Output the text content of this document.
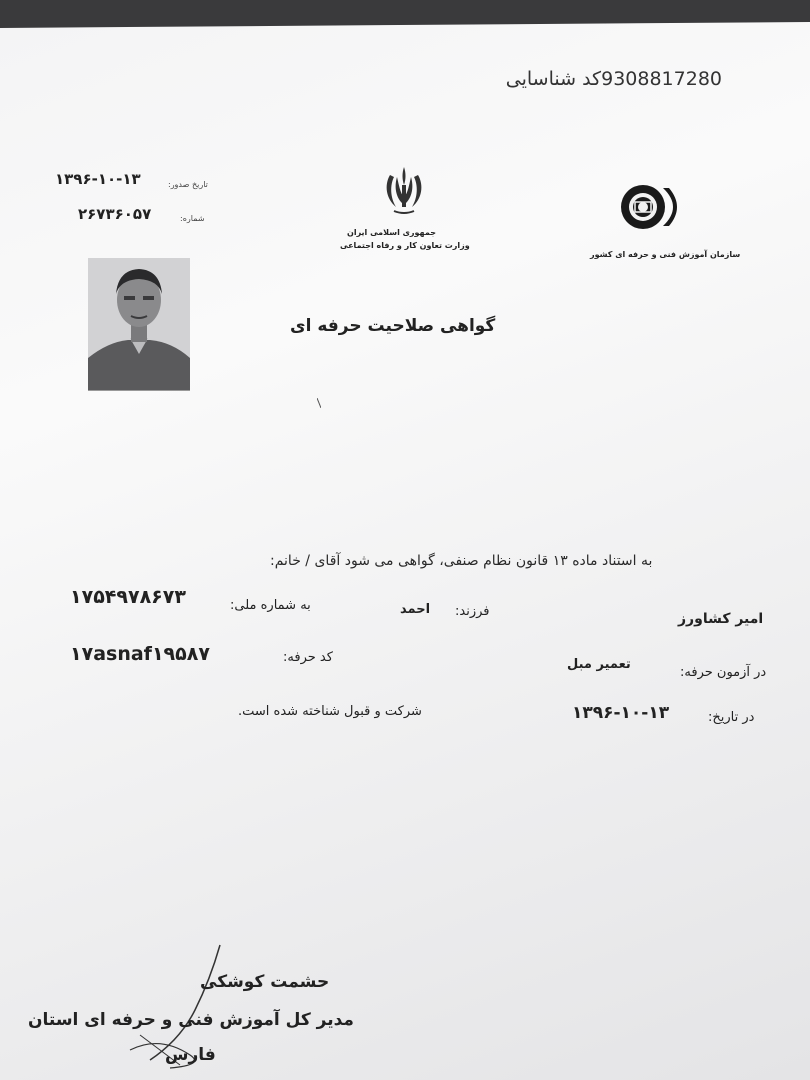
9308817280کد شناسایی
۱۳۹۶-۱۰-۱۳	تاریخ صدور:
۲۶۷۳۶۰۵۷	شماره:
جمهوری اسلامی ایران
وزارت تعاون کار و رفاه اجتماعی
سازمان آموزش فنی و حرفه ای کشور
گواهی صلاحیت حرفه ای
به استناد ماده ۱۳ قانون نظام صنفی، گواهی می شود آقای / خانم:
امیر کشاورز
فرزند:
احمد
به شماره ملی:
۱۷۵۴۹۷۸۶۷۳
در آزمون حرفه:
تعمیر مبل
کد حرفه:
۱۷asnaf۱۹۵۸۷
در تاریخ:
۱۳۹۶-۱۰-۱۳
شرکت و قبول شناخته شده است.
حشمت کوشکی
مدیر کل آموزش فنی و حرفه ای استان
فارس
